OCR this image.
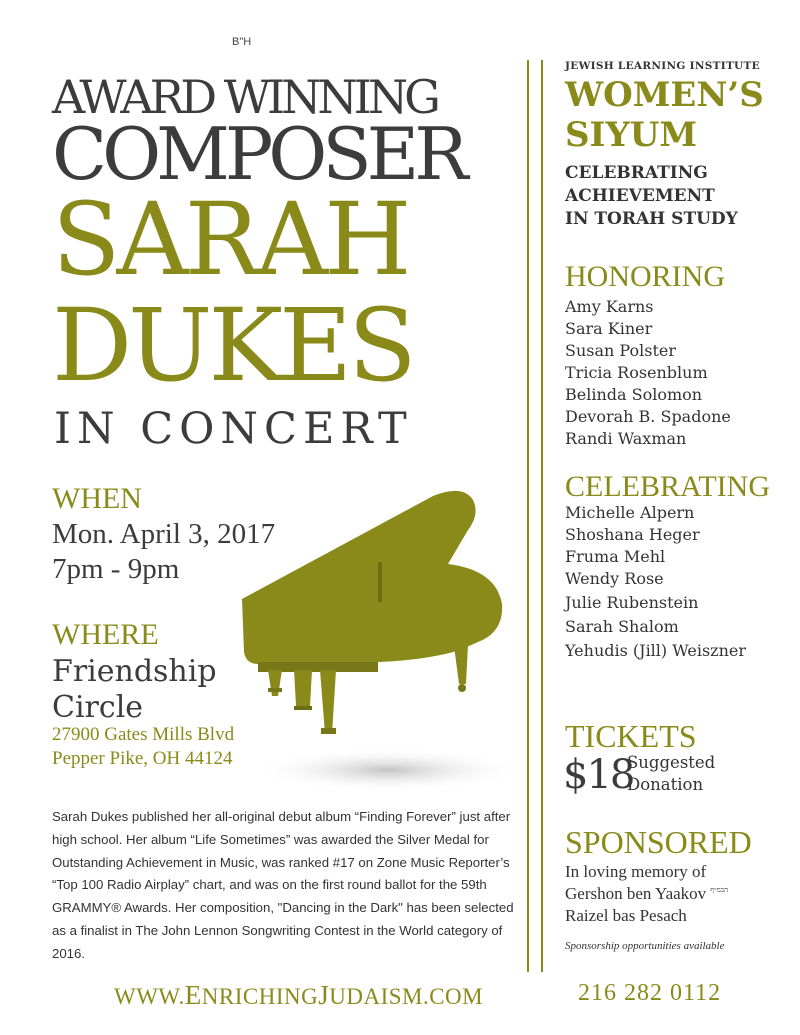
B"H
AWARD WINNING
COMPOSER
SARAH
DUKES
IN CONCERT
WHEN
Mon. April 3, 2017
7pm - 9pm
WHERE
Friendship
Circle
27900 Gates Mills Blvd
Pepper Pike, OH 44124
Sarah Dukes published her all-original debut album “Finding Forever” just after high school. Her album “Life Sometimes” was awarded the Silver Medal for Outstanding Achievement in Music, was ranked #17 on Zone Music Reporter’s “Top 100 Radio Airplay” chart, and was on the first round ballot for the 59th GRAMMY® Awards. Her composition, "Dancing in the Dark" has been selected as a finalist in The John Lennon Songwriting Contest in the World category of 2016.
WWW.ENRICHINGJUDAISM.COM	216 282 0112
JEWISH LEARNING INSTITUTE
WOMEN’S
SIYUM
CELEBRATING
ACHIEVEMENT
IN TORAH STUDY
HONORING
Amy Karns
Sara Kiner
Susan Polster
Tricia Rosenblum
Belinda Solomon
Devorah B. Spadone
Randi Waxman
CELEBRATING
Michelle Alpern
Shoshana Heger
Fruma Mehl
Wendy Rose
Julie Rubenstein
Sarah Shalom
Yehudis (Jill) Weiszner
TICKETS
$18
Suggested
Donation
SPONSORED
In loving memory of
Gershon ben Yaakov $^{הכמ״ף}$
Raizel bas Pesach
Sponsorship opportunities available
